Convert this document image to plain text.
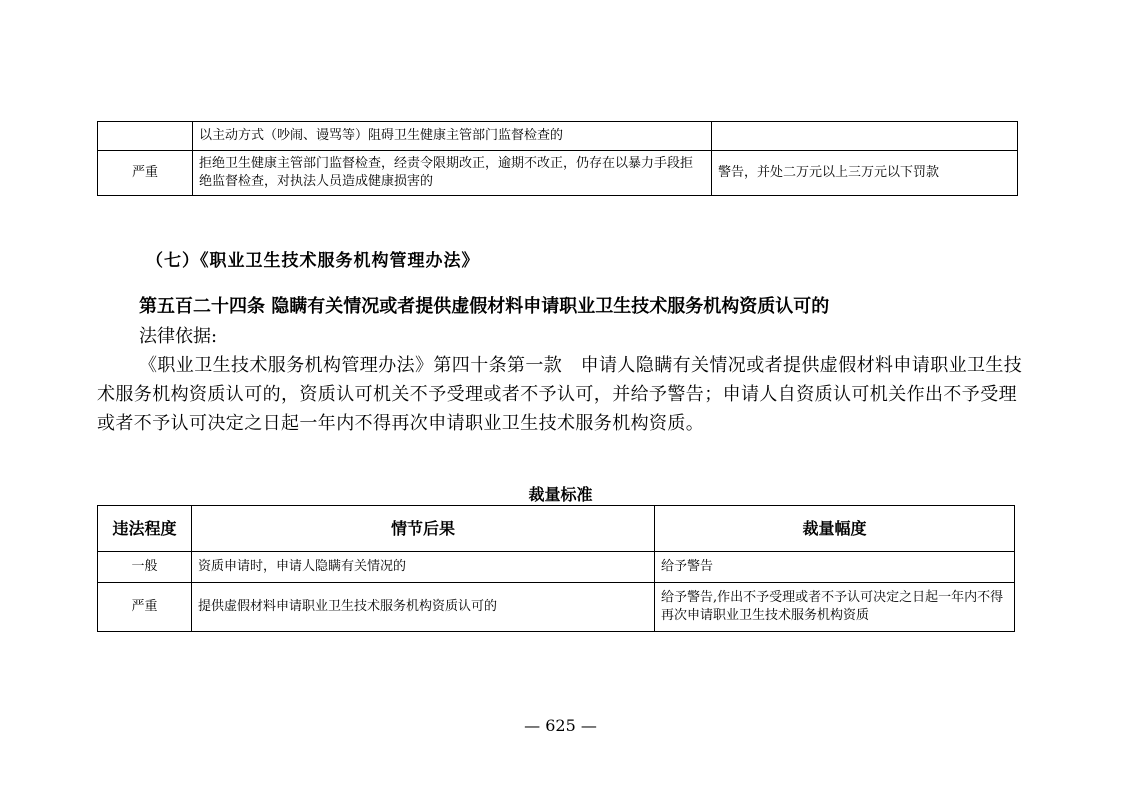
	以主动方式（吵闹、谩骂等）阻碍卫生健康主管部门监督检查的	
严重	拒绝卫生健康主管部门监督检查，经责令限期改正，逾期不改正，仍存在以暴力手段拒绝监督检查，对执法人员造成健康损害的	警告，并处二万元以上三万元以下罚款
（七）《职业卫生技术服务机构管理办法》
第五百二十四条 隐瞒有关情况或者提供虚假材料申请职业卫生技术服务机构资质认可的
法律依据:
《职业卫生技术服务机构管理办法》第四十条第一款　申请人隐瞒有关情况或者提供虚假材料申请职业卫生技术服务机构资质认可的，资质认可机关不予受理或者不予认可，并给予警告；申请人自资质认可机关作出不予受理或者不予认可决定之日起一年内不得再次申请职业卫生技术服务机构资质。
裁量标准
违法程度	情节后果	裁量幅度
一般	资质申请时，申请人隐瞒有关情况的	给予警告
严重	提供虚假材料申请职业卫生技术服务机构资质认可的	给予警告,作出不予受理或者不予认可决定之日起一年内不得再次申请职业卫生技术服务机构资质
— 625 —
